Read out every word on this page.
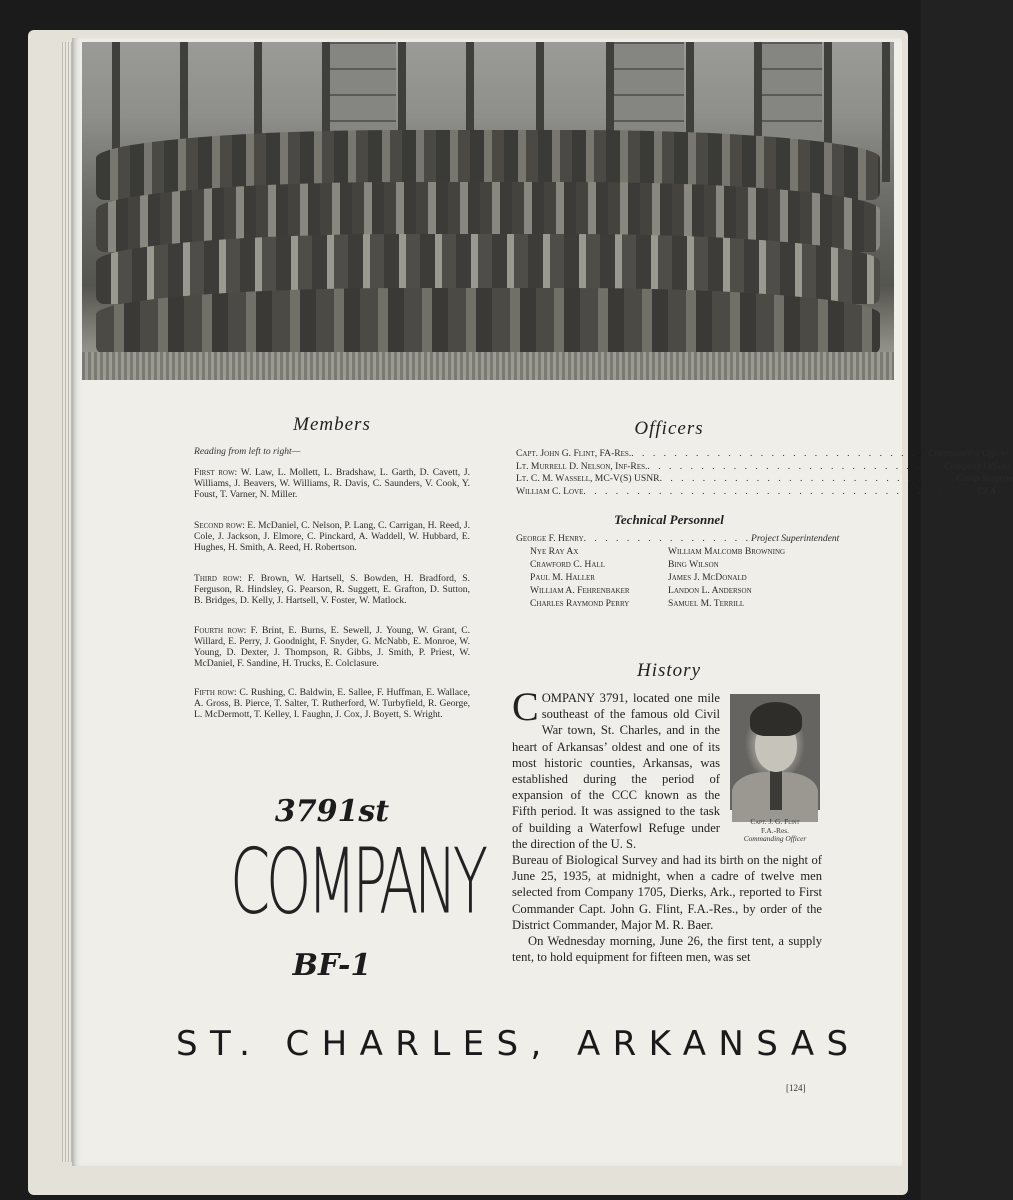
Members
Reading from left to right—
First row: W. Law, L. Mollett, L. Bradshaw, L. Garth, D. Cavett, J. Williams, J. Beavers, W. Williams, R. Davis, C. Saunders, V. Cook, Y. Foust, T. Varner, N. Miller.
Second row: E. McDaniel, C. Nelson, P. Lang, C. Carrigan, H. Reed, J. Cole, J. Jackson, J. Elmore, C. Pinckard, A. Waddell, W. Hubbard, E. Hughes, H. Smith, A. Reed, H. Robertson.
Third row: F. Brown, W. Hartsell, S. Bowden, H. Bradford, S. Ferguson, R. Hindsley, G. Pearson, R. Suggett, E. Grafton, D. Sutton, B. Bridges, D. Kelly, J. Hartsell, V. Foster, W. Matlock.
Fourth row: F. Brint, E. Burns, E. Sewell, J. Young, W. Grant, C. Willard, E. Perry, J. Goodnight, F. Snyder, G. McNabb, E. Monroe, W. Young, D. Dexter, J. Thompson, R. Gibbs, J. Smith, P. Priest, W. McDaniel, F. Sandine, H. Trucks, E. Colclasure.
Fifth row: C. Rushing, C. Baldwin, E. Sallee, F. Huffman, E. Wallace, A. Gross, B. Pierce, T. Salter, T. Rutherford, W. Turbyfield, R. George, L. McDermott, T. Kelley, I. Faughn, J. Cox, J. Boyett, S. Wright.
Officers
Capt. John G. Flint, FA-Res. . . . . . . . . . . . . . . . . . . . . . . . . . . . . Commanding Officer
Lt. Murrell D. Nelson, Inf-Res. . . . . . . . . . . . . . . . . . . . . . . . . . . . . Company Officer
Lt. C. M. Wassell, MC-V(S) USNR . . . . . . . . . . . . . . . . . . . . . . . . . . . . Camp Surgeon
William C. Love . . . . . . . . . . . . . . . . . . . . . . . . . . . . . . . . . . . . . CEA
Technical Personnel
George F. Henry . . . . . . . . . . . . . . . . Project Superintendent
Nye Ray Ax	William Malcomb Browning
Crawford C. Hall	Bing Wilson
Paul M. Haller	James J. McDonald
William A. Fehrenbaker	Landon L. Anderson
Charles Raymond Perry	Samuel M. Terrill
History
COMPANY 3791, located one mile southeast of the famous old Civil War town, St. Charles, and in the heart of Arkansas’ oldest and one of its most historic counties, Arkansas, was established during the period of expansion of the CCC known as the Fifth period. It was assigned to the task of building a Waterfowl Refuge under the direction of the U. S.
Bureau of Biological Survey and had its birth on the night of June 25, 1935, at midnight, when a cadre of twelve men selected from Company 1705, Dierks, Ark., reported to First Commander Capt. John G. Flint, F.A.-Res., by order of the District Commander, Major M. R. Baer.
On Wednesday morning, June 26, the first tent, a supply tent, to hold equipment for fifteen men, was set
Capt. J. G. Flint
F.A.-Res.
Commanding Officer
3791st
COMPANY
BF-1
ST. CHARLES, ARKANSAS
[124]
